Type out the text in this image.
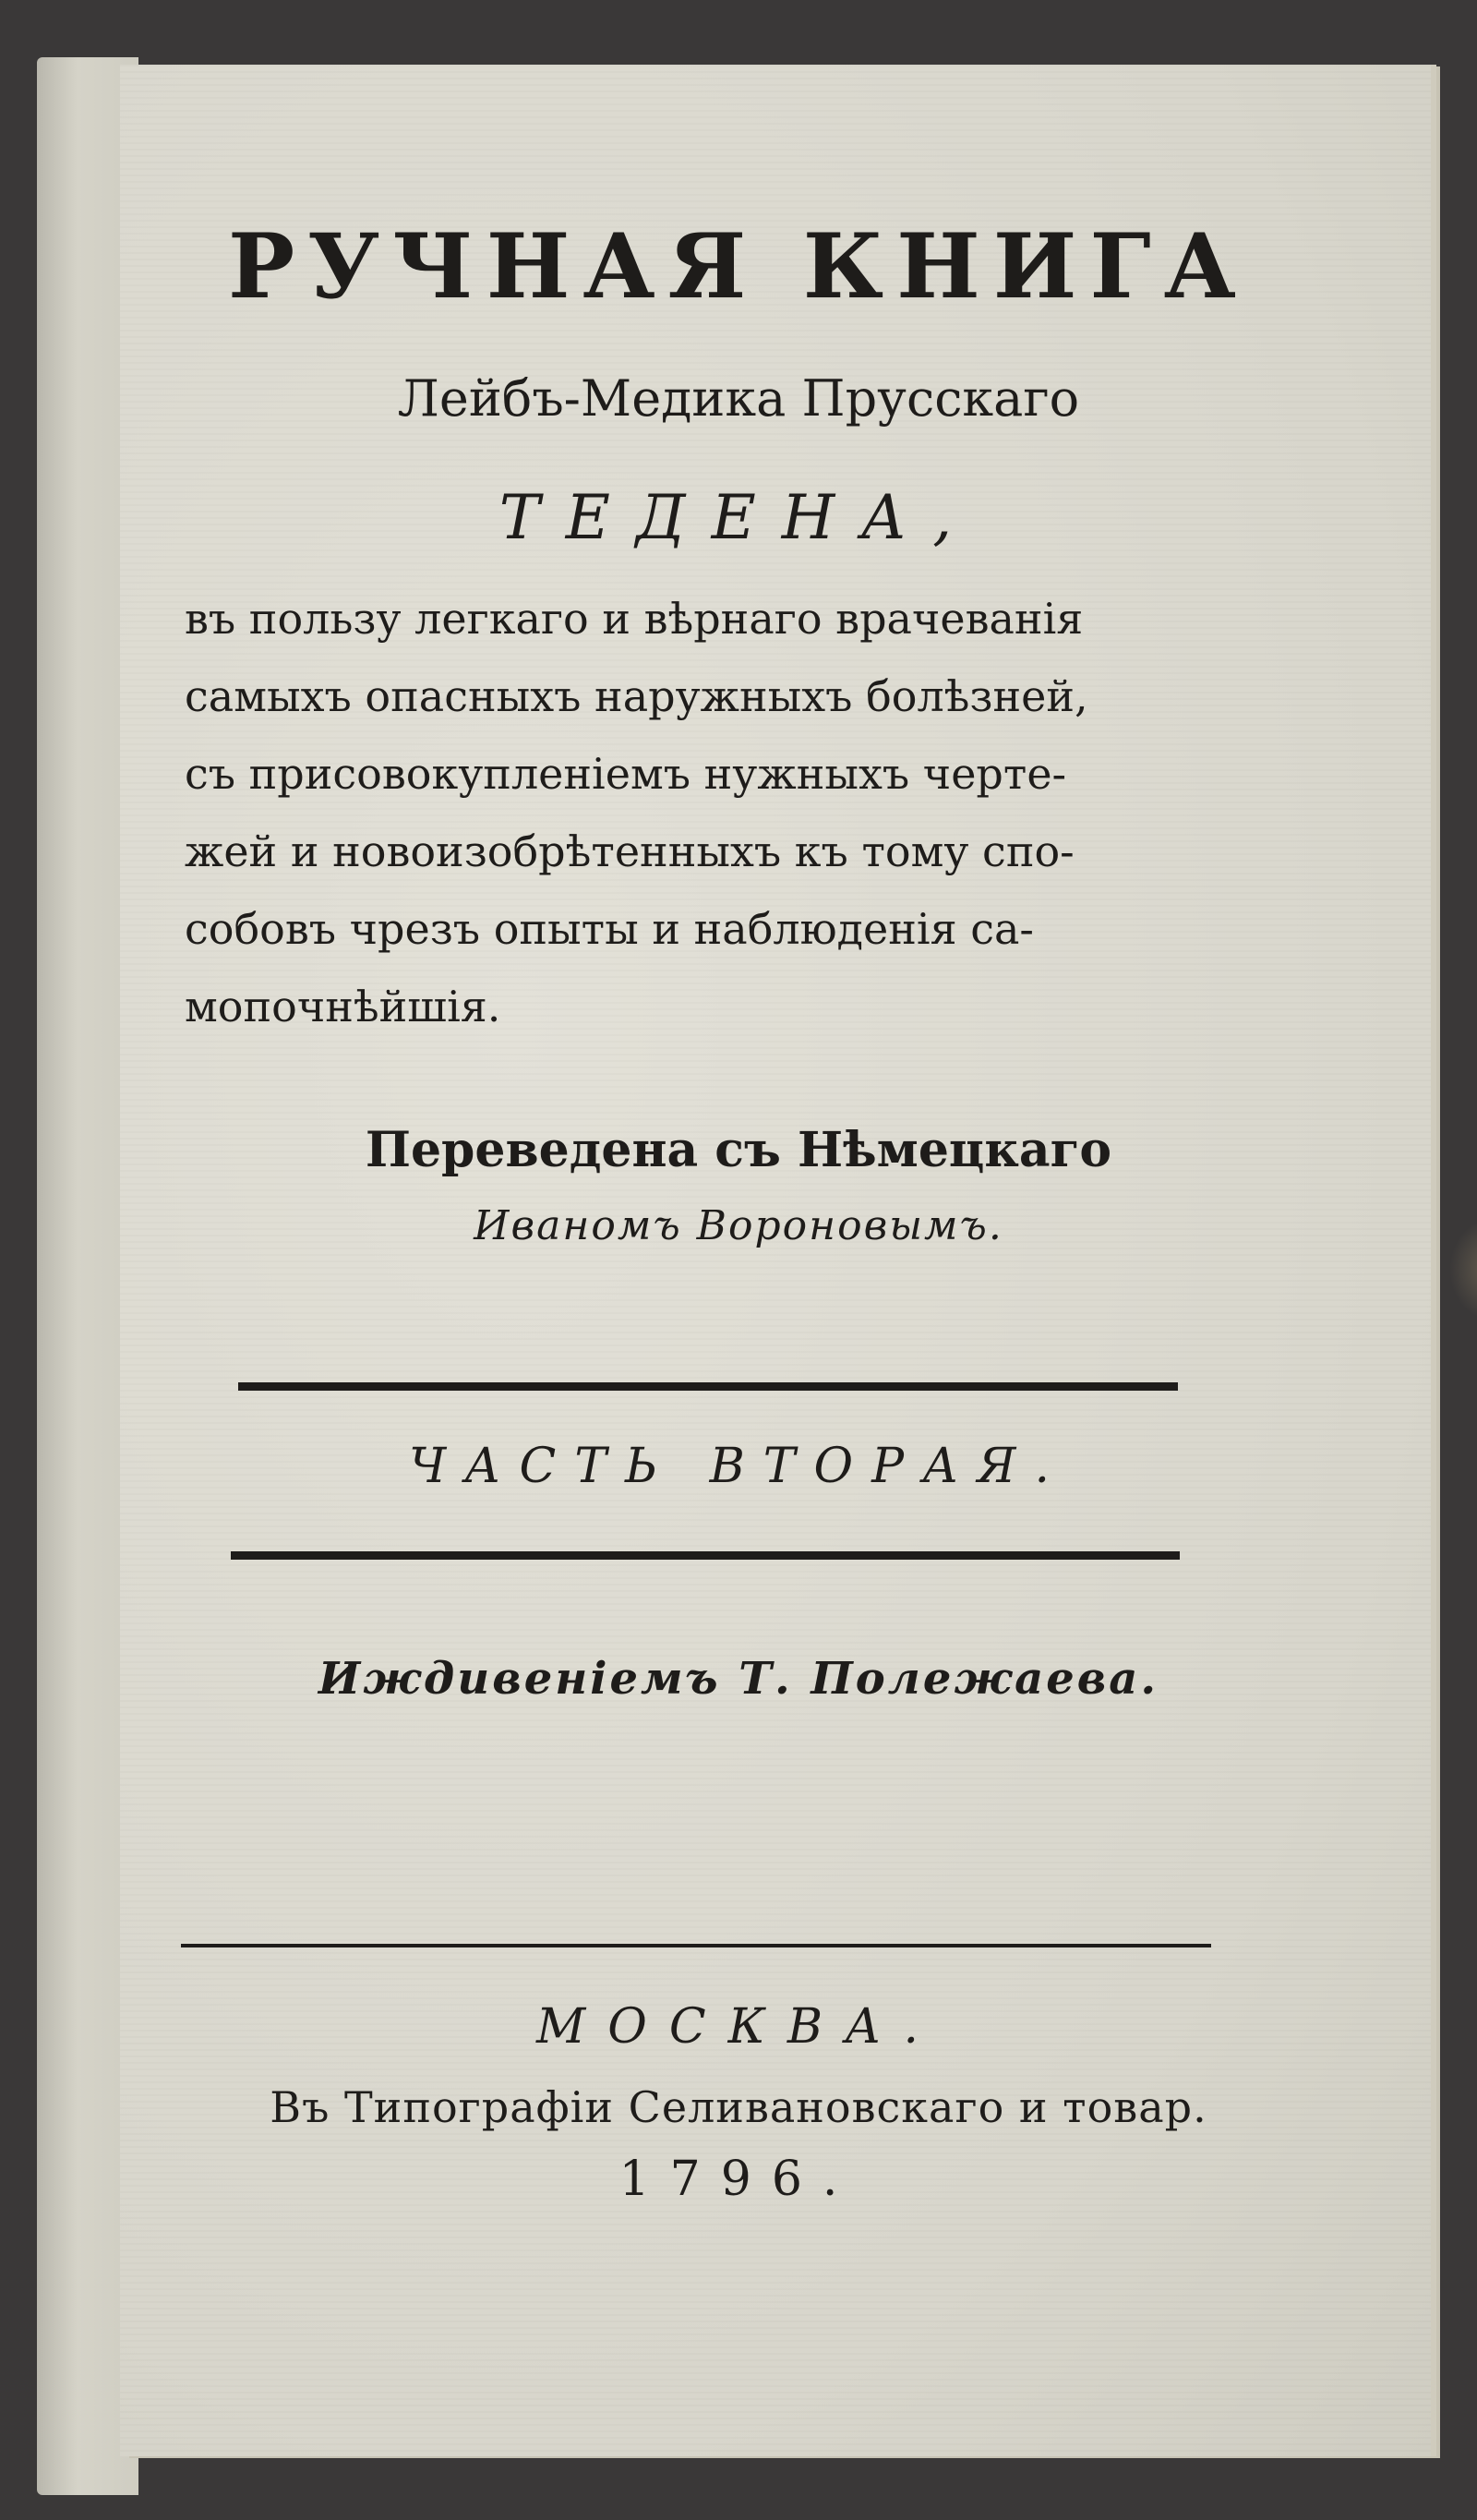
РУЧНАЯ КНИГА
Лейбъ-Медика Прусскаго
ТЕДЕНА,
въ пользу легкаго и вѣрнаго врачеванія
самыхъ опасныхъ наружныхъ болѣзней,
съ присовокупленіемъ нужныхъ черте-
жей и новоизобрѣтенныхъ къ тому спо-
собовъ чрезъ опыты и наблюденія са-
мопочнѣйшія.
Переведена съ Нѣмецкаго
Иваномъ Вороновымъ.
ЧАСТЬ ВТОРАЯ.
Иждивеніемъ Т. Полежаева.
МОСКВА.
Въ Типографіи Селивановскаго и товар.
1796.
